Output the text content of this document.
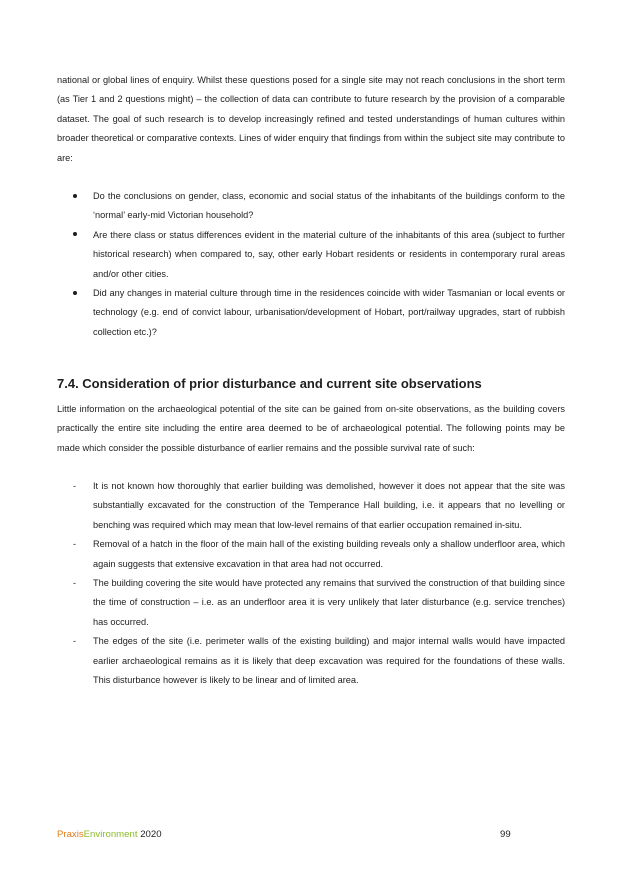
national or global lines of enquiry. Whilst these questions posed for a single site may not reach conclusions in the short term (as Tier 1 and 2 questions might) – the collection of data can contribute to future research by the provision of a comparable dataset. The goal of such research is to develop increasingly refined and tested understandings of human cultures within broader theoretical or comparative contexts. Lines of wider enquiry that findings from within the subject site may contribute to are:

Do the conclusions on gender, class, economic and social status of the inhabitants of the buildings conform to the ‘normal’ early-mid Victorian household?
Are there class or status differences evident in the material culture of the inhabitants of this area (subject to further historical research) when compared to, say, other early Hobart residents or residents in contemporary rural areas and/or other cities.
Did any changes in material culture through time in the residences coincide with wider Tasmanian or local events or technology (e.g. end of convict labour, urbanisation/development of Hobart, port/railway upgrades, start of rubbish collection etc.)?
7.4. Consideration of prior disturbance and current site observations

Little information on the archaeological potential of the site can be gained from on-site observations, as the building covers practically the entire site including the entire area deemed to be of archaeological potential. The following points may be made which consider the possible disturbance of earlier remains and the possible survival rate of such:

-	It is not known how thoroughly that earlier building was demolished, however it does not appear that the site was substantially excavated for the construction of the Temperance Hall building, i.e. it appears that no levelling or benching was required which may mean that low-level remains of that earlier occupation remained in-situ.
-	Removal of a hatch in the floor of the main hall of the existing building reveals only a shallow underfloor area, which again suggests that extensive excavation in that area had not occurred.
-	The building covering the site would have protected any remains that survived the construction of that building since the time of construction – i.e. as an underfloor area it is very unlikely that later disturbance (e.g. service trenches) has occurred.
-	The edges of the site (i.e. perimeter walls of the existing building) and major internal walls would have impacted earlier archaeological remains as it is likely that deep excavation was required for the foundations of these walls. This disturbance however is likely to be linear and of limited area.
PraxisEnvironment 2020	99
